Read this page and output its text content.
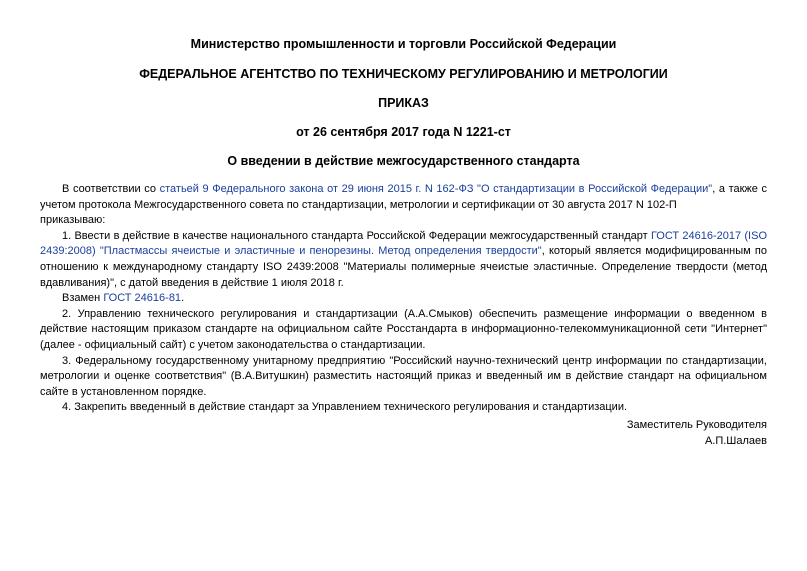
Министерство промышленности и торговли Российской Федерации
ФЕДЕРАЛЬНОЕ АГЕНТСТВО ПО ТЕХНИЧЕСКОМУ РЕГУЛИРОВАНИЮ И МЕТРОЛОГИИ
ПРИКАЗ
от 26 сентября 2017 года N 1221-ст
О введении в действие межгосударственного стандарта

В соответствии со статьей 9 Федерального закона от 29 июня 2015 г. N 162-ФЗ "О стандартизации в Российской Федерации", а также с учетом протокола Межгосударственного совета по стандартизации, метрологии и сертификации от 30 августа 2017 N 102-П

приказываю:

1. Ввести в действие в качестве национального стандарта Российской Федерации межгосударственный стандарт ГОСТ 24616-2017 (ISO 2439:2008) "Пластмассы ячеистые и эластичные и пенорезины. Метод определения твердости", который является модифицированным по отношению к международному стандарту ISO 2439:2008 "Материалы полимерные ячеистые эластичные. Определение твердости (метод вдавливания)", с датой введения в действие 1 июля 2018 г.

Взамен ГОСТ 24616-81.

2. Управлению технического регулирования и стандартизации (А.А.Смыков) обеспечить размещение информации о введенном в действие настоящим приказом стандарте на официальном сайте Росстандарта в информационно-телекоммуникационной сети "Интернет" (далее - официальный сайт) с учетом законодательства о стандартизации.

3. Федеральному государственному унитарному предприятию "Российский научно-технический центр информации по стандартизации, метрологии и оценке соответствия" (В.А.Витушкин) разместить настоящий приказ и введенный им в действие стандарт на официальном сайте в установленном порядке.

4. Закрепить введенный в действие стандарт за Управлением технического регулирования и стандартизации.

Заместитель Руководителя

А.П.Шалаев
